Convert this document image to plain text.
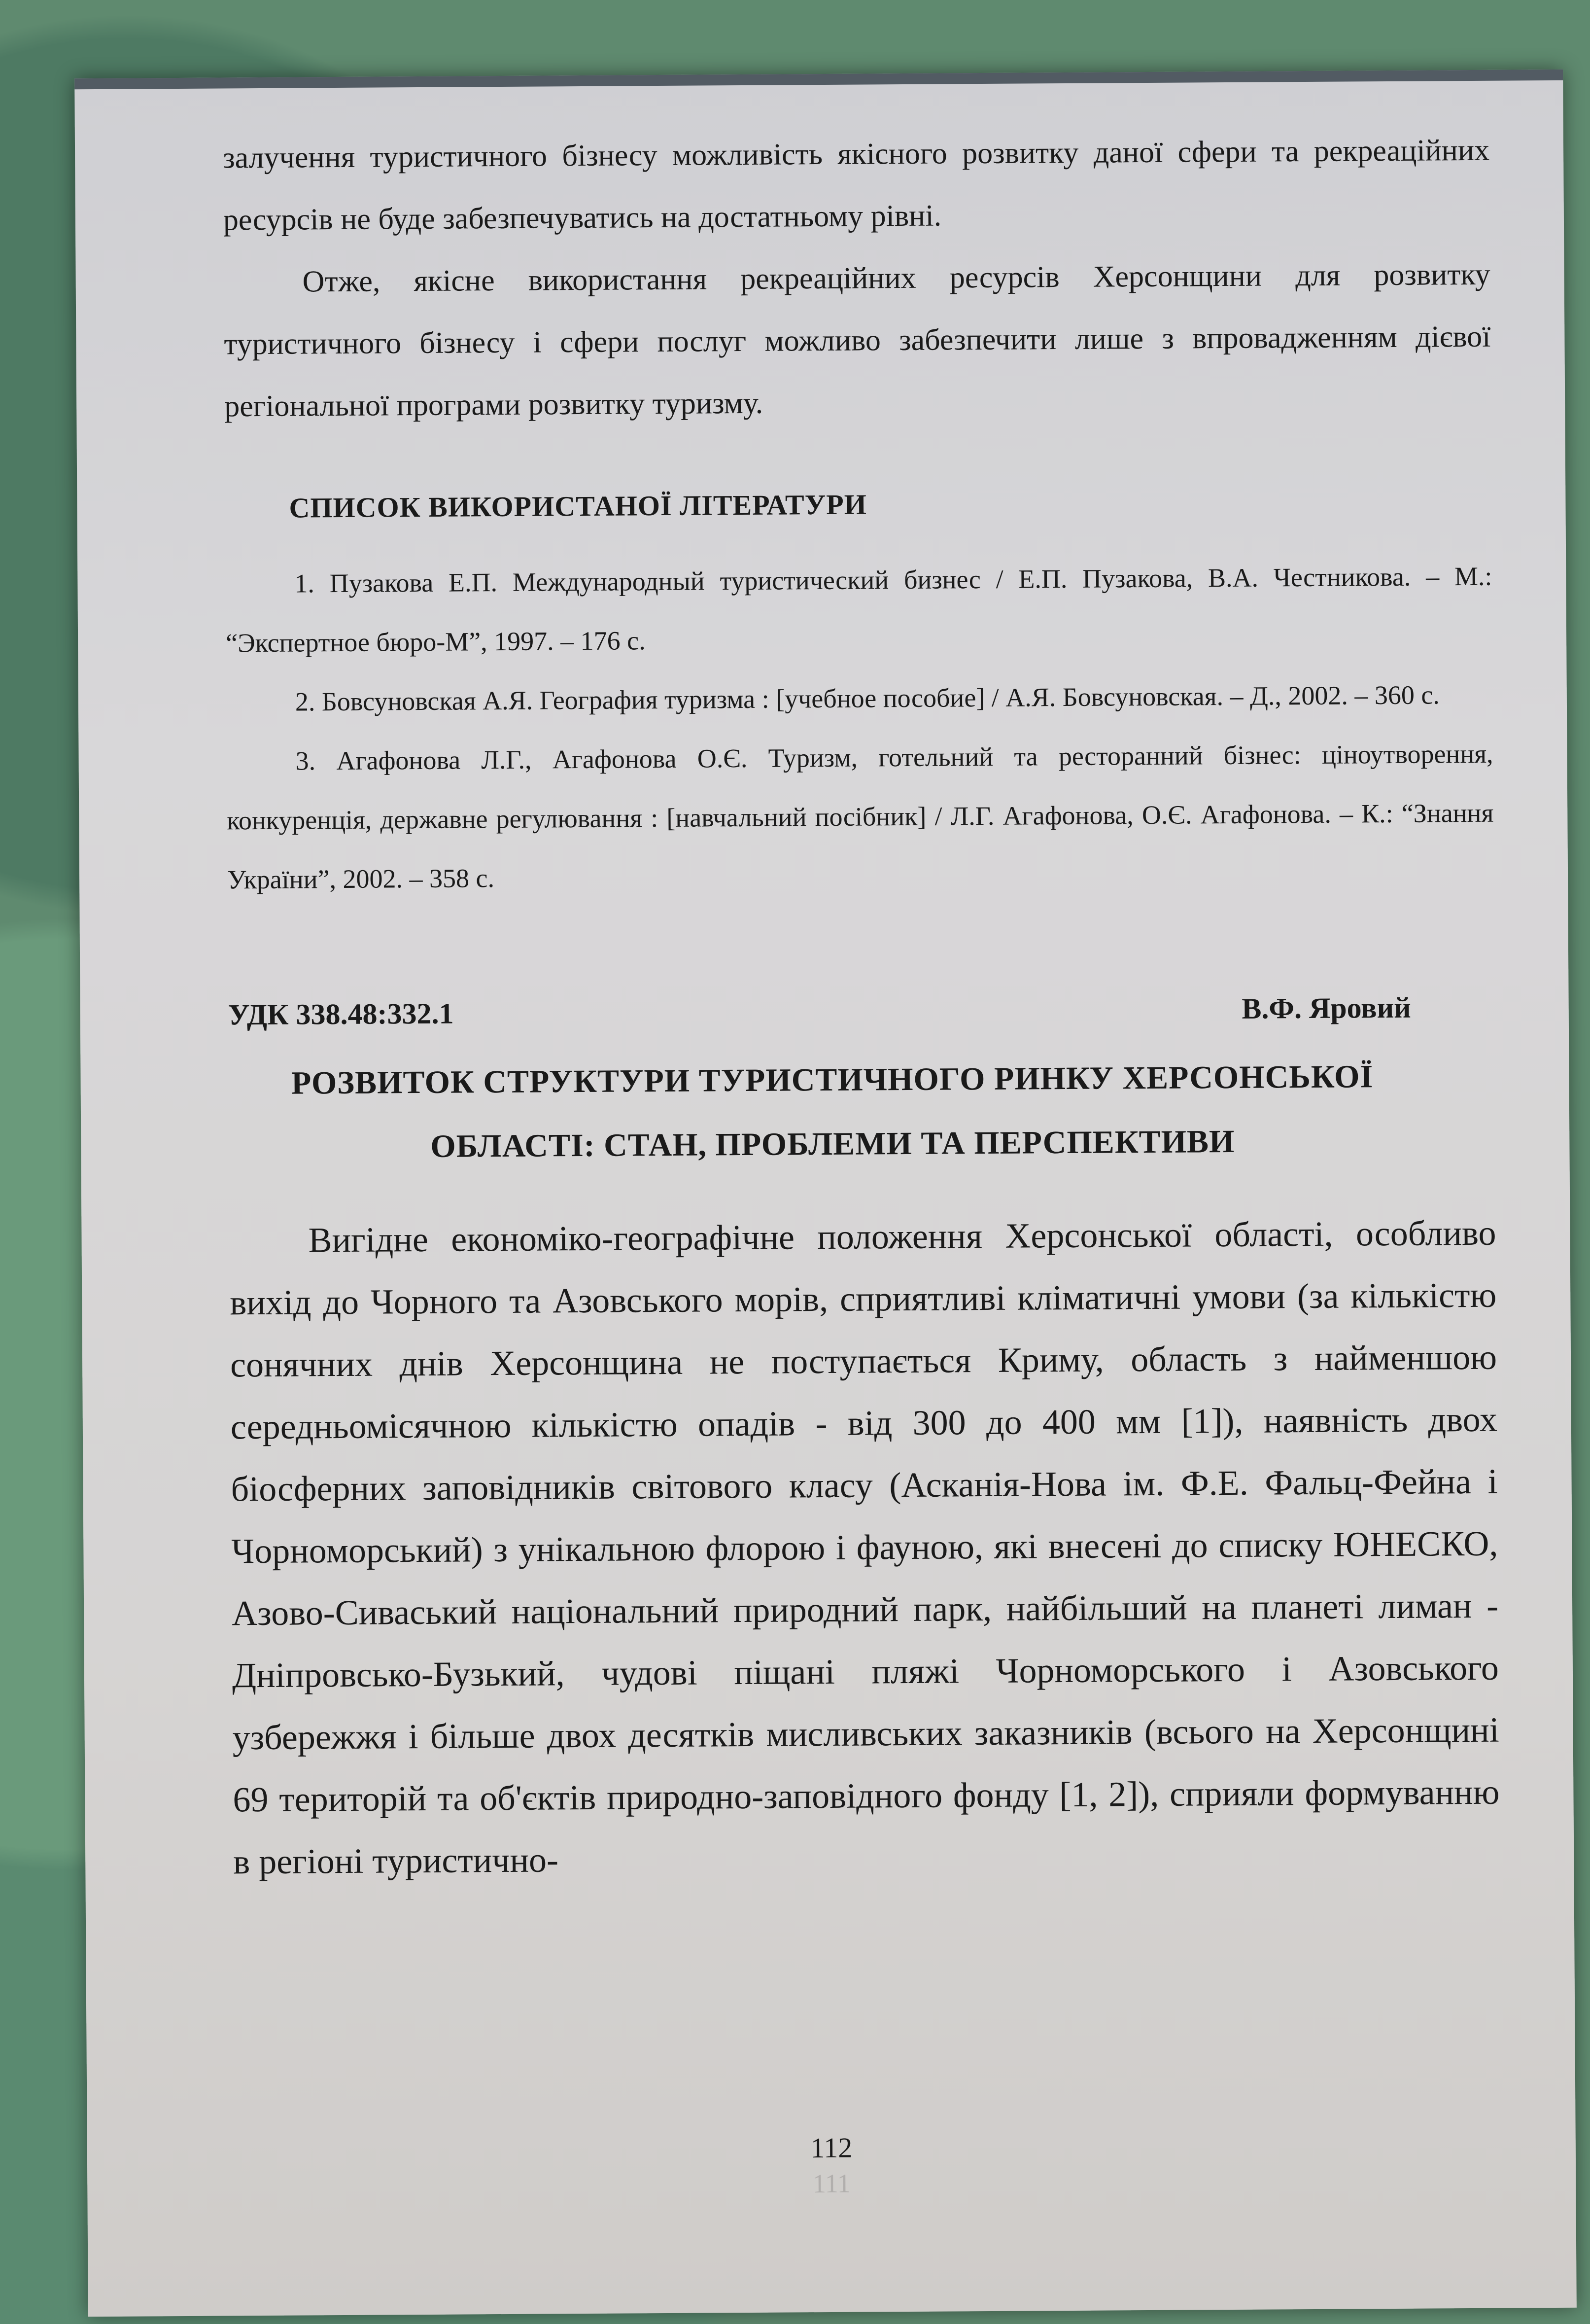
залучення туристичного бізнесу можливість якісного розвитку даної сфери та рекреаційних ресурсів не буде забезпечуватись на достатньому рівні.

Отже, якісне використання рекреаційних ресурсів Херсонщини для розвитку туристичного бізнесу і сфери послуг можливо забезпечити лише з впровадженням дієвої регіональної програми розвитку туризму.

СПИСОК ВИКОРИСТАНОЇ ЛІТЕРАТУРИ

1. Пузакова Е.П. Международный туристический бизнес / Е.П. Пузакова, В.А. Честникова. – М.: “Экспертное бюро-М”, 1997. – 176 с.

2. Бовсуновская А.Я. География туризма : [учебное пособие] / А.Я. Бовсуновская. – Д., 2002. – 360 с.

3. Агафонова Л.Г., Агафонова О.Є. Туризм, готельний та ресторанний бізнес: ціноутворення, конкуренція, державне регулювання : [навчальний посібник] / Л.Г. Агафонова, О.Є. Агафонова. – К.: “Знання України”, 2002. – 358 с.

УДК 338.48:332.1	В.Ф. Яровий
РОЗВИТОК СТРУКТУРИ ТУРИСТИЧНОГО РИНКУ ХЕРСОНСЬКОЇ
ОБЛАСТІ: СТАН, ПРОБЛЕМИ ТА ПЕРСПЕКТИВИ

Вигідне економіко-географічне положення Херсонської області, особливо вихід до Чорного та Азовського морів, сприятливі кліматичні умови (за кількістю сонячних днів Херсонщина не поступається Криму, область з найменшою середньомісячною кількістю опадів - від 300 до 400 мм [1]), наявність двох біосферних заповідників світового класу (Асканія-Нова ім. Ф.Е. Фальц-Фейна і Чорноморський) з унікальною флорою і фауною, які внесені до списку ЮНЕСКО, Азово-Сиваський національний природний парк, найбільший на планеті лиман - Дніпровсько-Бузький, чудові піщані пляжі Чорноморського і Азовського узбережжя і більше двох десятків мисливських заказників (всього на Херсонщині 69 територій та об'єктів природно-заповідного фонду [1, 2]), сприяли формуванню в регіоні туристично-

112
111
